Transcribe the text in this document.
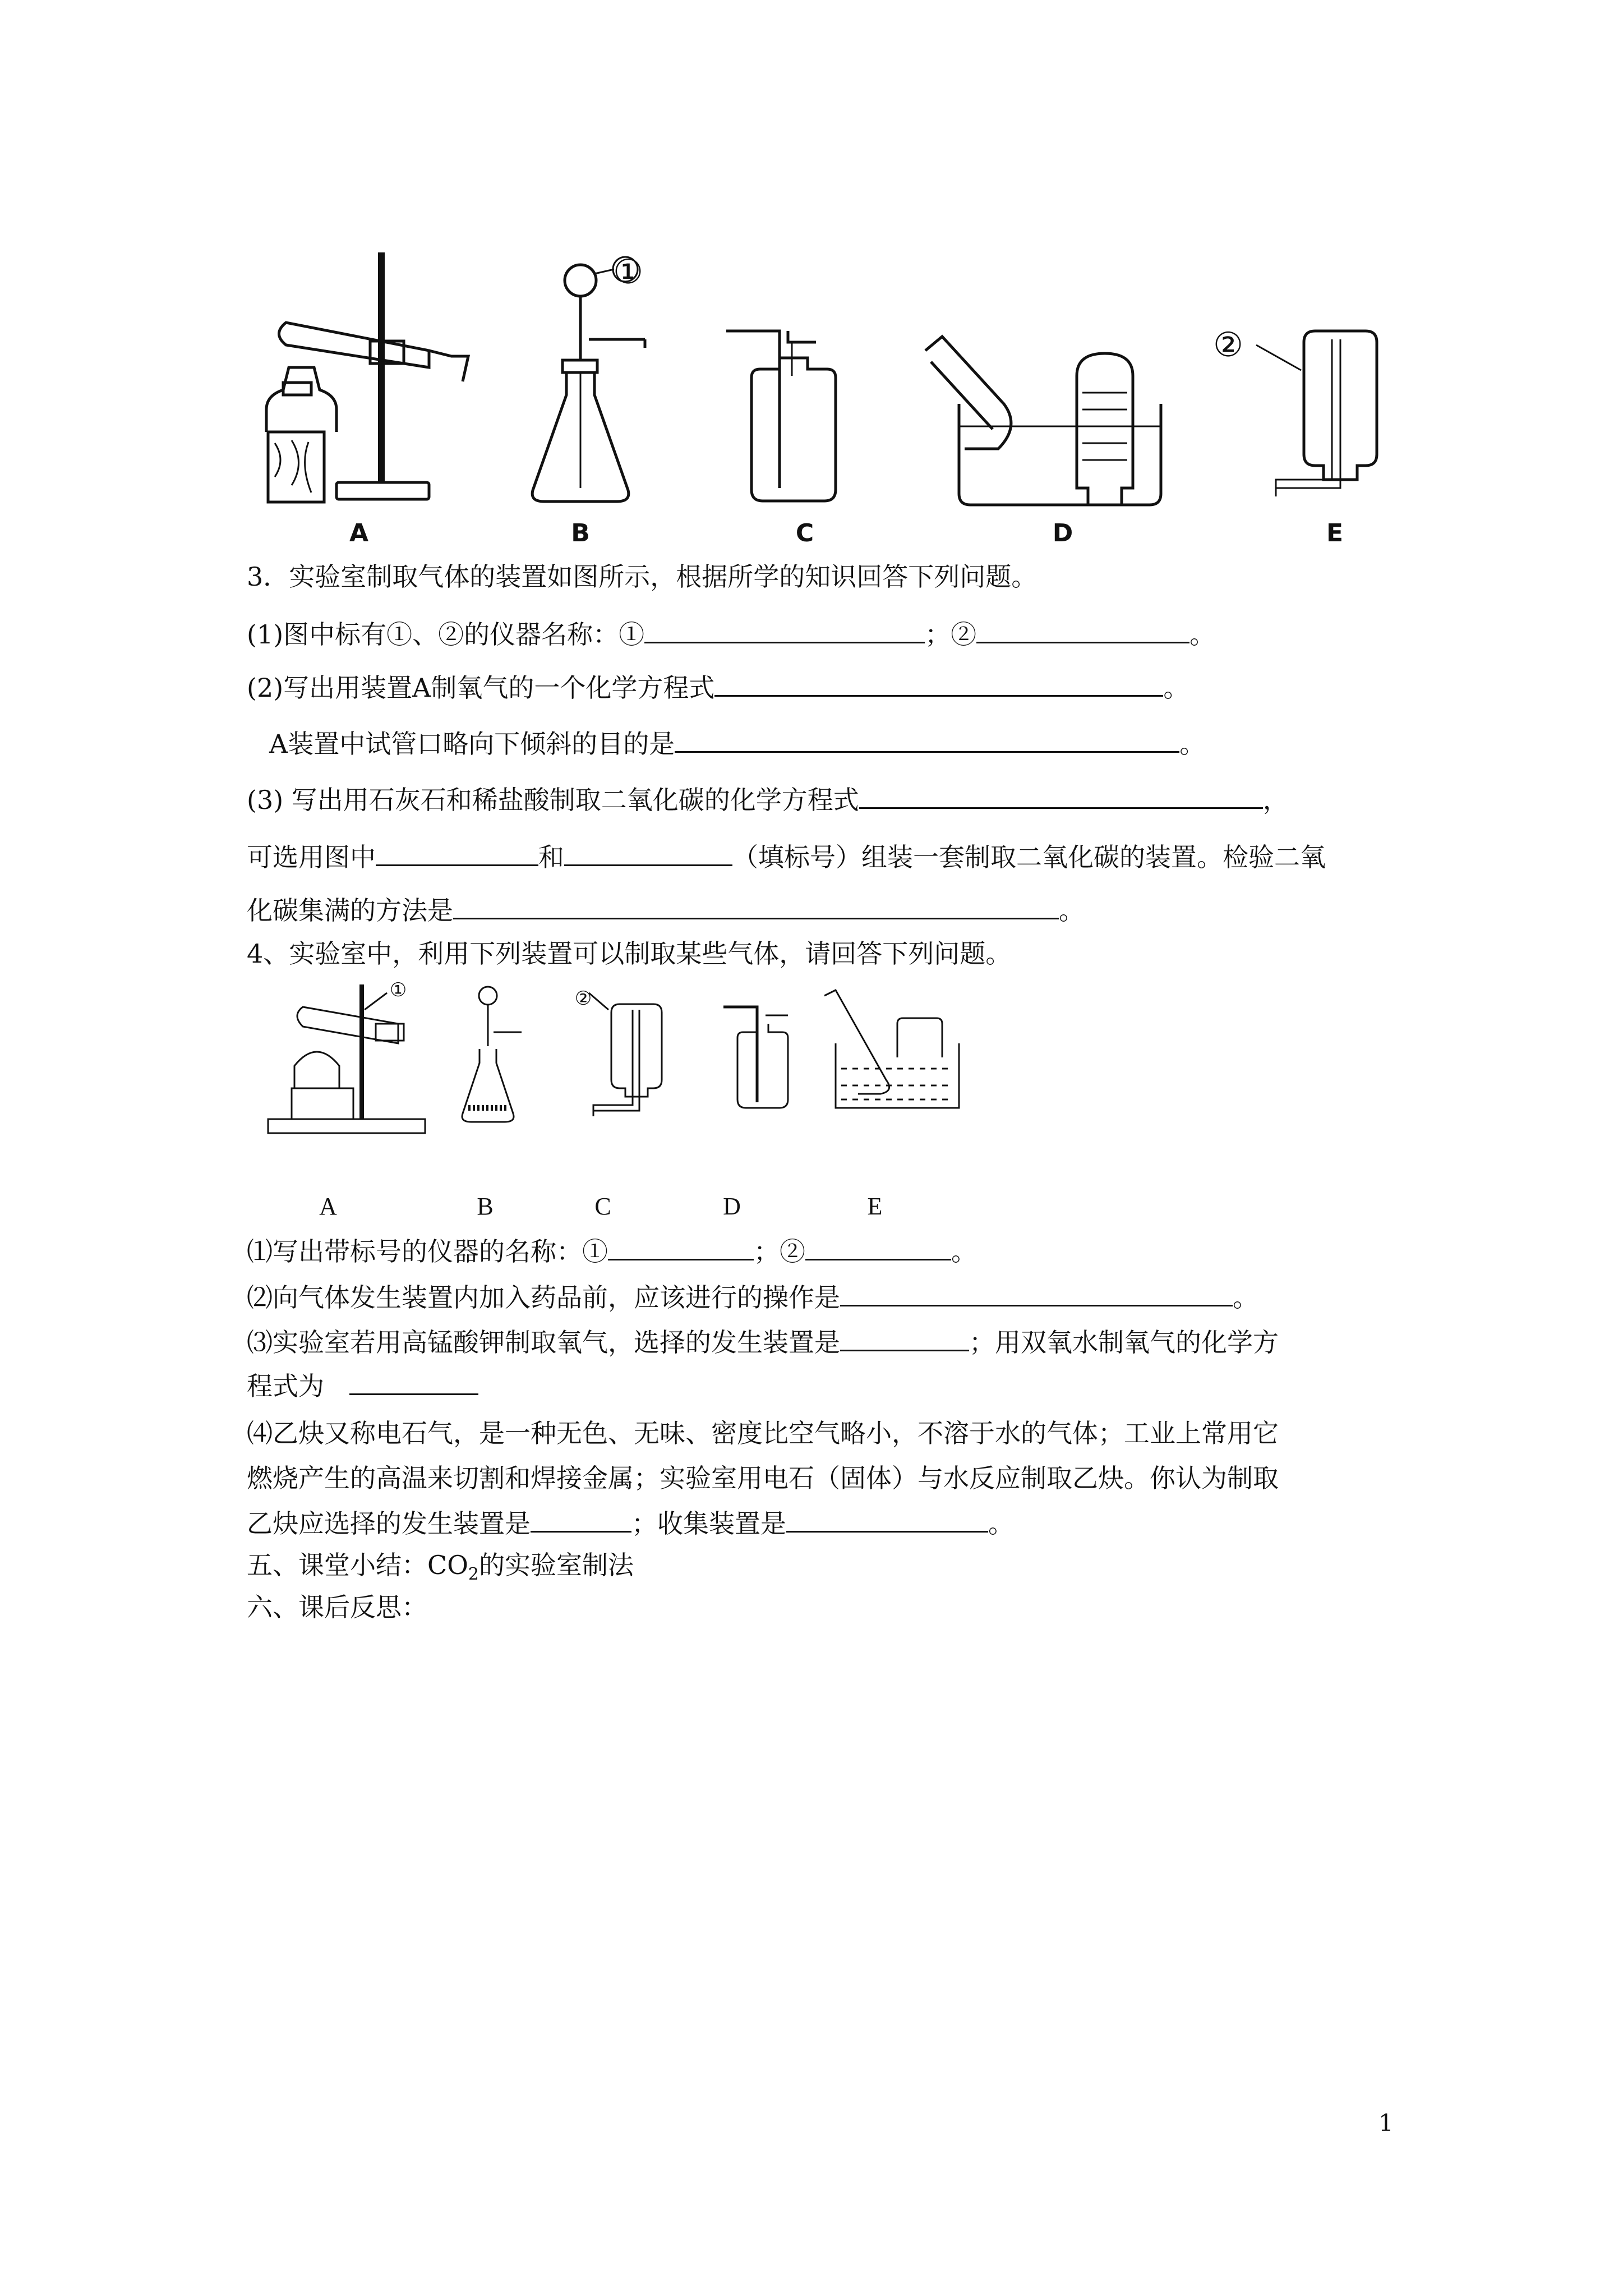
②
①
A	B	C	D	E
3．实验室制取气体的装置如图所示，根据所学的知识回答下列问题。
(1)图中标有①、②的仪器名称：①	；②	。
(2)写出用装置A制氧气的一个化学方程式	。
A装置中试管口略向下倾斜的目的是	。
(3) 写出用石灰石和稀盐酸制取二氧化碳的化学方程式	，
可选用图中	和	（填标号）组装一套制取二氧化碳的装置。检验二氧
化碳集满的方法是	。
4、实验室中，利用下列装置可以制取某些气体，请回答下列问题。
①	②
A	B	C	D	E
⑴写出带标号的仪器的名称：①	；②	。
⑵向气体发生装置内加入药品前，应该进行的操作是	。
⑶实验室若用高锰酸钾制取氧气，选择的发生装置是	；用双氧水制氧气的化学方
程式为
⑷乙炔又称电石气，是一种无色、无味、密度比空气略小，不溶于水的气体；工业上常用它
燃烧产生的高温来切割和焊接金属；实验室用电石（固体）与水反应制取乙炔。你认为制取
乙炔应选择的发生装置是	；收集装置是	。
五、课堂小结：$CO_2$的实验室制法
六、课后反思：
1
